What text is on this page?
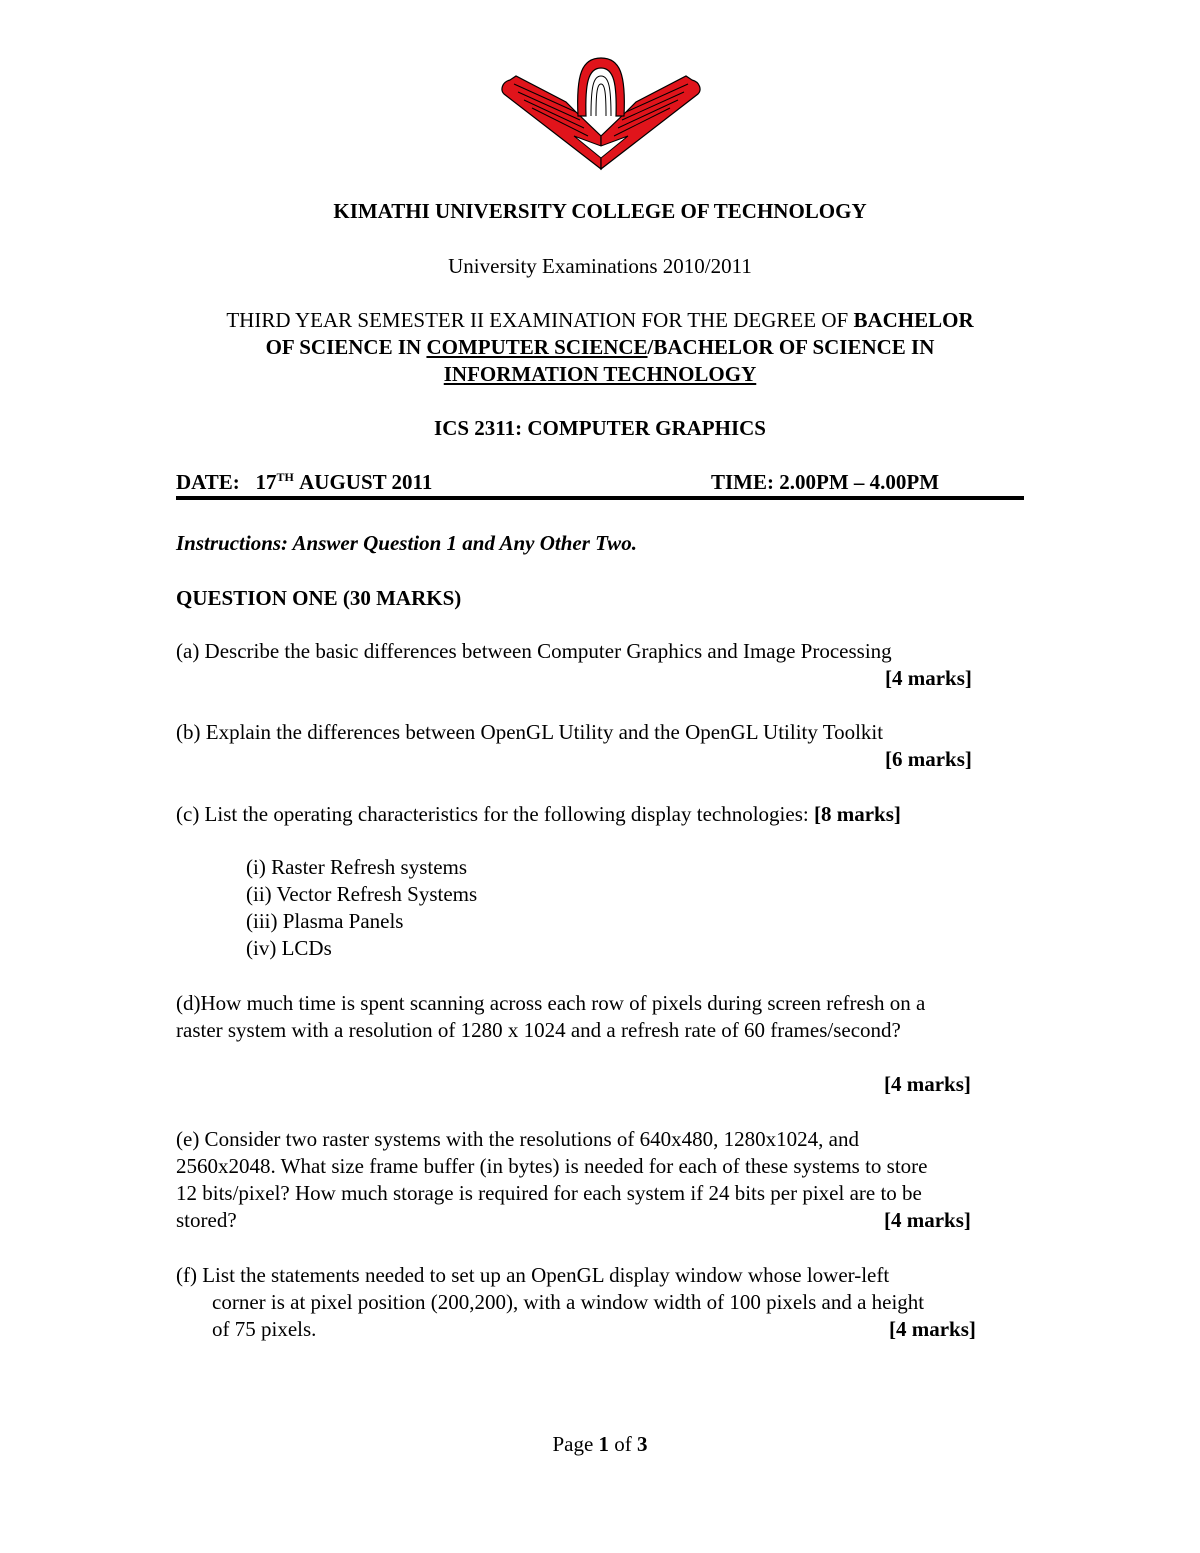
KIMATHI UNIVERSITY COLLEGE OF TECHNOLOGY
University Examinations 2010/2011
THIRD YEAR SEMESTER II EXAMINATION FOR THE DEGREE OF BACHELOR
OF SCIENCE IN COMPUTER SCIENCE/BACHELOR OF SCIENCE IN
INFORMATION TECHNOLOGY
ICS 2311: COMPUTER GRAPHICS
DATE: 17TH AUGUST 2011	TIME: 2.00PM – 4.00PM
Instructions: Answer Question 1 and Any Other Two.
QUESTION ONE (30 MARKS)
(a) Describe the basic differences between Computer Graphics and Image Processing
[4 marks]
(b) Explain the differences between OpenGL Utility and the OpenGL Utility Toolkit
[6 marks]
(c) List the operating characteristics for the following display technologies: [8 marks]
(i) Raster Refresh systems
(ii) Vector Refresh Systems
(iii) Plasma Panels
(iv) LCDs
(d)How much time is spent scanning across each row of pixels during screen refresh on a
raster system with a resolution of 1280 x 1024 and a refresh rate of 60 frames/second?
[4 marks]
(e) Consider two raster systems with the resolutions of 640x480, 1280x1024, and
2560x2048. What size frame buffer (in bytes) is needed for each of these systems to store
12 bits/pixel? How much storage is required for each system if 24 bits per pixel are to be
stored?	[4 marks]
(f) List the statements needed to set up an OpenGL display window whose lower-left
corner is at pixel position (200,200), with a window width of 100 pixels and a height
of 75 pixels.	[4 marks]
Page 1 of 3
